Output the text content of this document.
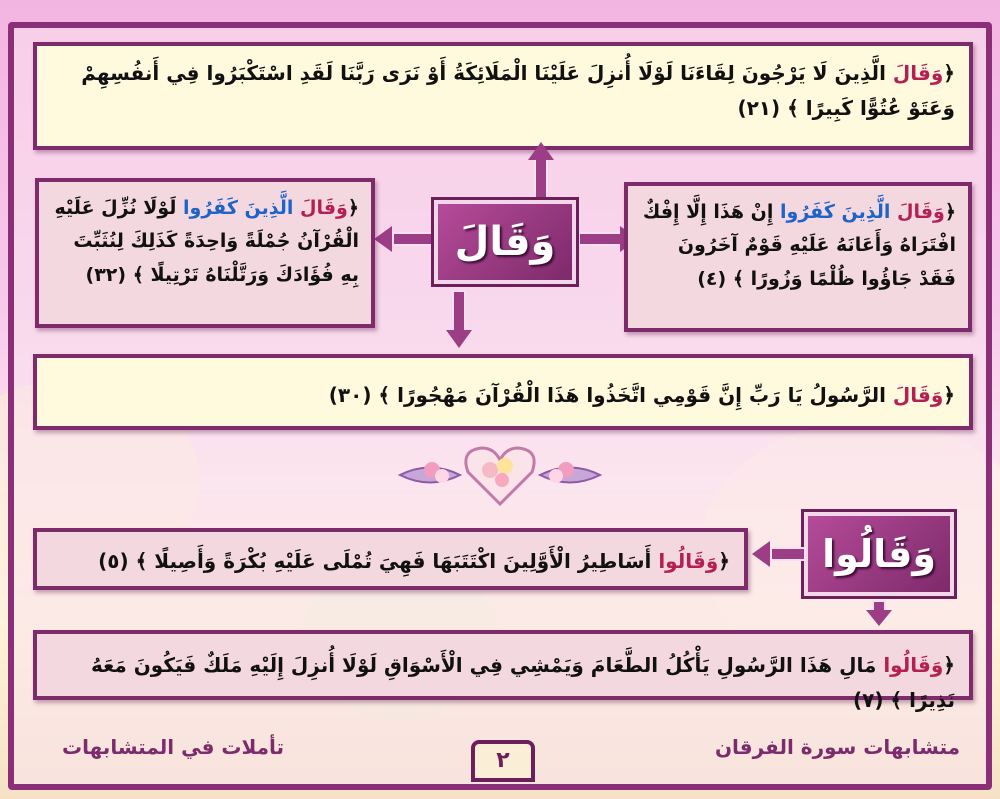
﴿وَقَالَ الَّذِينَ لَا يَرْجُونَ لِقَاءَنَا لَوْلَا أُنزِلَ عَلَيْنَا الْمَلَائِكَةُ أَوْ نَرَى رَبَّنَا لَقَدِ اسْتَكْبَرُوا فِي أَنفُسِهِمْ وَعَتَوْ عُتُوًّا كَبِيرًا ﴾ (٢١)
﴿وَقَالَ الَّذِينَ كَفَرُوا لَوْلَا نُزِّلَ عَلَيْهِ الْقُرْآنُ جُمْلَةً وَاحِدَةً كَذَلِكَ لِنُثَبِّتَ بِهِ فُؤَادَكَ وَرَتَّلْنَاهُ تَرْتِيلًا ﴾ (٣٢)
وَقَالَ
﴿وَقَالَ الَّذِينَ كَفَرُوا إِنْ هَذَا إِلَّا إِفْكٌ افْتَرَاهُ وَأَعَانَهُ عَلَيْهِ قَوْمٌ آخَرُونَ فَقَدْ جَاؤُوا ظُلْمًا وَزُورًا ﴾ (٤)
﴿وَقَالَ الرَّسُولُ يَا رَبِّ إِنَّ قَوْمِي اتَّخَذُوا هَذَا الْقُرْآنَ مَهْجُورًا ﴾ (٣٠)
وَقَالُوا
﴿وَقَالُوا أَسَاطِيرُ الْأَوَّلِينَ اكْتَتَبَهَا فَهِيَ تُمْلَى عَلَيْهِ بُكْرَةً وَأَصِيلًا ﴾ (٥)
﴿وَقَالُوا مَالِ هَذَا الرَّسُولِ يَأْكُلُ الطَّعَامَ وَيَمْشِي فِي الْأَسْوَاقِ لَوْلَا أُنزِلَ إِلَيْهِ مَلَكٌ فَيَكُونَ مَعَهُ نَذِيرًا ﴾ (٧)
متشابهات سورة الفرقان
تأملات في المتشابهات
٢
